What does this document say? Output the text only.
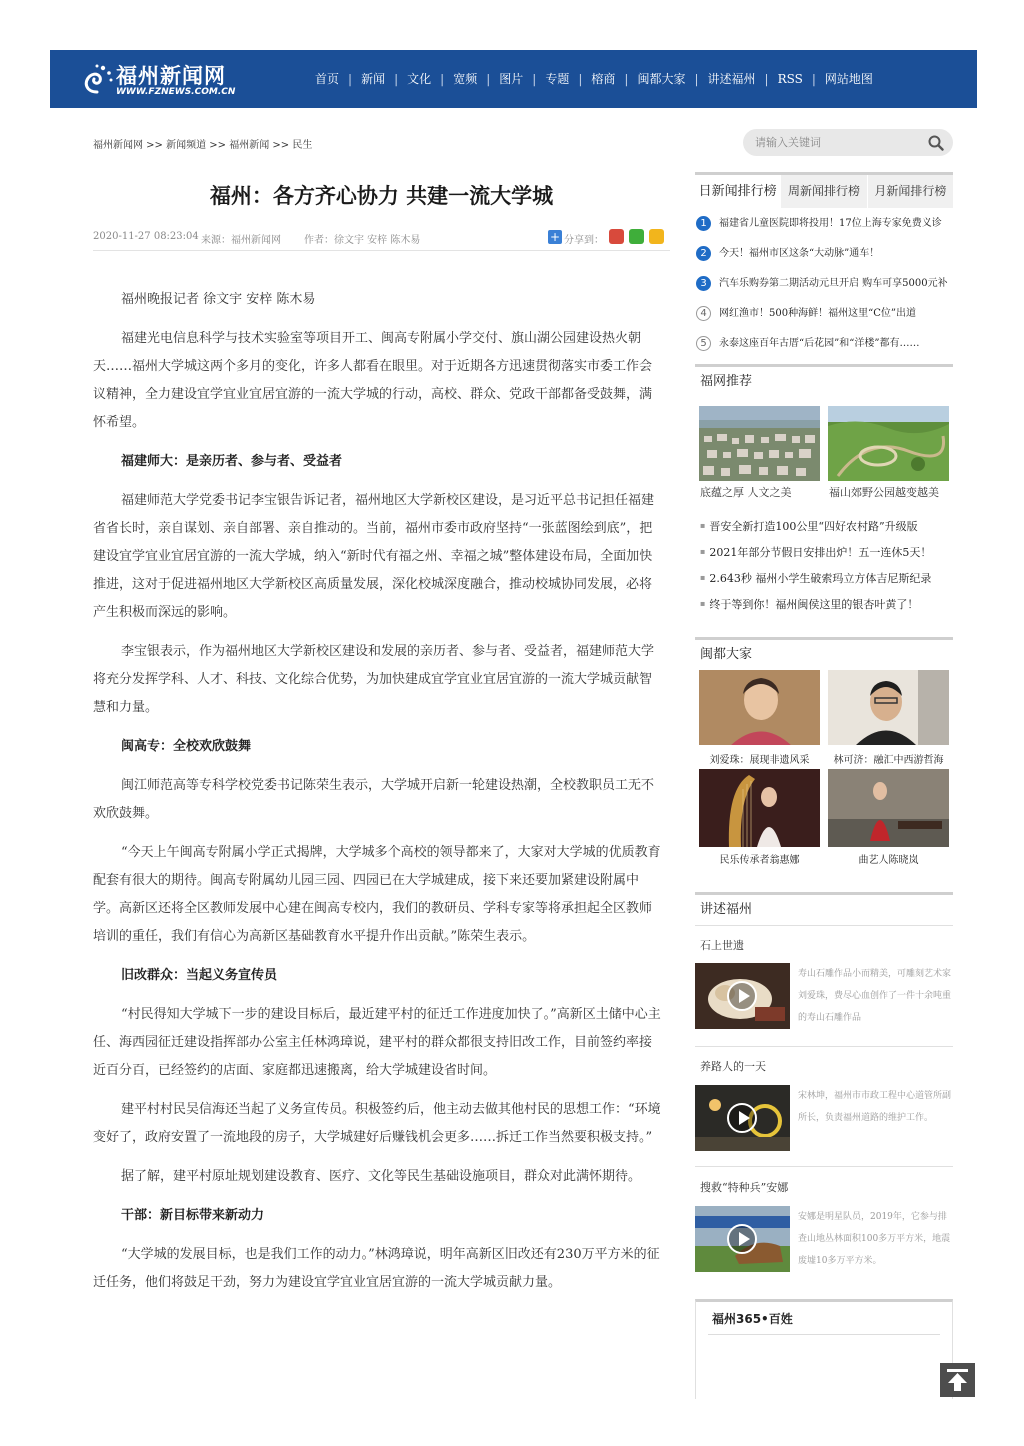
福州新闻网
WWW.FZNEWS.COM.CN
首页 | 新闻 | 文化 | 宽频 | 图片 | 专题 | 榕商 | 闽都大家 | 讲述福州 | RSS | 网站地图
福州新闻网 >> 新闻频道 >> 福州新闻 >> 民生
请输入关键词
福州：各方齐心协力 共建一流大学城
2020-11-27 08:23:04 来源：福州新闻网 作者：徐文宇 安梓 陈木易	+ 分享到：

福州晚报记者 徐文宇 安梓 陈木易

福建光电信息科学与技术实验室等项目开工、闽高专附属小学交付、旗山湖公园建设热火朝天……福州大学城这两个多月的变化，许多人都看在眼里。对于近期各方迅速贯彻落实市委工作会议精神，全力建设宜学宜业宜居宜游的一流大学城的行动，高校、群众、党政干部都备受鼓舞，满怀希望。

福建师大：是亲历者、参与者、受益者

福建师范大学党委书记李宝银告诉记者，福州地区大学新校区建设，是习近平总书记担任福建省省长时，亲自谋划、亲自部署、亲自推动的。当前，福州市委市政府坚持“一张蓝图绘到底”，把建设宜学宜业宜居宜游的一流大学城，纳入“新时代有福之州、幸福之城”整体建设布局，全面加快推进，这对于促进福州地区大学新校区高质量发展，深化校城深度融合，推动校城协同发展，必将产生积极而深远的影响。

李宝银表示，作为福州地区大学新校区建设和发展的亲历者、参与者、受益者，福建师范大学将充分发挥学科、人才、科技、文化综合优势，为加快建成宜学宜业宜居宜游的一流大学城贡献智慧和力量。

闽高专：全校欢欣鼓舞

闽江师范高等专科学校党委书记陈荣生表示，大学城开启新一轮建设热潮，全校教职员工无不欢欣鼓舞。

“今天上午闽高专附属小学正式揭牌，大学城多个高校的领导都来了，大家对大学城的优质教育配套有很大的期待。闽高专附属幼儿园三园、四园已在大学城建成，接下来还要加紧建设附属中学。高新区还将全区教师发展中心建在闽高专校内，我们的教研员、学科专家等将承担起全区教师培训的重任，我们有信心为高新区基础教育水平提升作出贡献。”陈荣生表示。

旧改群众：当起义务宣传员

“村民得知大学城下一步的建设目标后，最近建平村的征迁工作进度加快了。”高新区土储中心主任、海西园征迁建设指挥部办公室主任林鸿璋说，建平村的群众都很支持旧改工作，目前签约率接近百分百，已经签约的店面、家庭都迅速搬离，给大学城建设省时间。

建平村村民吴信海还当起了义务宣传员。积极签约后，他主动去做其他村民的思想工作：“环境变好了，政府安置了一流地段的房子，大学城建好后赚钱机会更多……拆迁工作当然要积极支持。”

据了解，建平村原址规划建设教育、医疗、文化等民生基础设施项目，群众对此满怀期待。

干部：新目标带来新动力

“大学城的发展目标，也是我们工作的动力。”林鸿璋说，明年高新区旧改还有230万平方米的征迁任务，他们将鼓足干劲，努力为建设宜学宜业宜居宜游的一流大学城贡献力量。

日新闻排行榜 周新闻排行榜	月新闻排行榜
1	福建省儿童医院即将投用！17位上海专家免费义诊
2	今天！福州市区这条“大动脉”通车！
3	汽车乐购券第二期活动元旦开启 购车可享5000元补
4	网红渔市！500种海鲜！福州这里“C位”出道
5	永泰这座百年古厝“后花园”和“洋楼”都有……
福网推荐
底蕴之厚 人文之美	福山郊野公园越变越美
▪ 晋安全新打造100公里“四好农村路”升级版
▪ 2021年部分节假日安排出炉！五一连休5天！
▪ 2.643秒 福州小学生破索玛立方体吉尼斯纪录
▪ 终于等到你！福州闽侯这里的银杏叶黄了！
闽都大家
刘爱珠：展现非遗风采	林可济：融汇中西游哲海
民乐传承者翁惠娜	曲艺人陈晓岚
讲述福州
石上世遗
寿山石雕作品小而精美，可雕刻艺术家刘爱珠，费尽心血创作了一件十余吨重的寿山石雕作品
养路人的一天
宋林坤，福州市市政工程中心道管所副所长，负责福州道路的维护工作。
搜救“特种兵”安娜
安娜是明星队员，2019年，它参与排查山地丛林面积100多万平方米，地震废墟10多万平方米。
福州365•百姓
